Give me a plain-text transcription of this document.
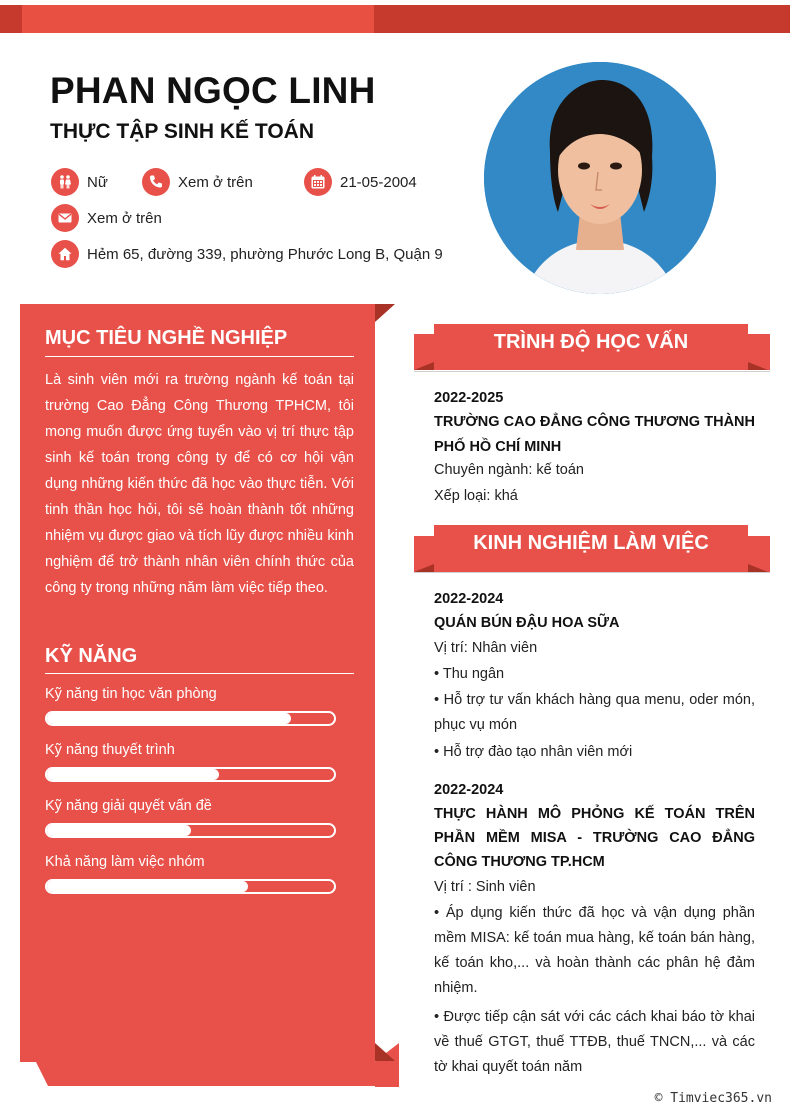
PHAN NGỌC LINH
THỰC TẬP SINH KẾ TOÁN
Nữ	Xem ở trên	21-05-2004
Xem ở trên
Hẻm 65, đường 339, phường Phước Long B, Quận 9
MỤC TIÊU NGHỀ NGHIỆP
Là sinh viên mới ra trường ngành kế toán tại trường Cao Đẳng Công Thương TPHCM, tôi mong muốn được ứng tuyển vào vị trí thực tập sinh kế toán trong công ty để có cơ hội vận dụng những kiến thức đã học vào thực tiễn. Với tinh thần học hỏi, tôi sẽ hoàn thành tốt những nhiệm vụ được giao và tích lũy được nhiều kinh nghiệm để trở thành nhân viên chính thức của công ty trong những năm làm việc tiếp theo.
KỸ NĂNG
Kỹ năng tin học văn phòng
Kỹ năng thuyết trình
Kỹ năng giải quyết vấn đề
Khả năng làm việc nhóm
TRÌNH ĐỘ HỌC VẤN
2022-2025
TRƯỜNG CAO ĐẲNG CÔNG THƯƠNG THÀNH PHỐ HỒ CHÍ MINH
Chuyên ngành: kế toán
Xếp loại: khá
KINH NGHIỆM LÀM VIỆC
2022-2024
QUÁN BÚN ĐẬU HOA SỮA
Vị trí: Nhân viên
• Thu ngân
• Hỗ trợ tư vấn khách hàng qua menu, oder món, phục vụ món
• Hỗ trợ đào tạo nhân viên mới
2022-2024
THỰC HÀNH MÔ PHỎNG KẾ TOÁN TRÊN PHẦN MỀM MISA - TRƯỜNG CAO ĐẲNG CÔNG THƯƠNG TP.HCM
Vị trí : Sinh viên
• Áp dụng kiến thức đã học và vận dụng phần mềm MISA: kế toán mua hàng, kế toán bán hàng, kế toán kho,... và hoàn thành các phân hệ đảm nhiệm.
• Được tiếp cận sát với các cách khai báo tờ khai về thuế GTGT, thuế TTĐB, thuế TNCN,... và các tờ khai quyết toán năm
© Timviec365.vn
